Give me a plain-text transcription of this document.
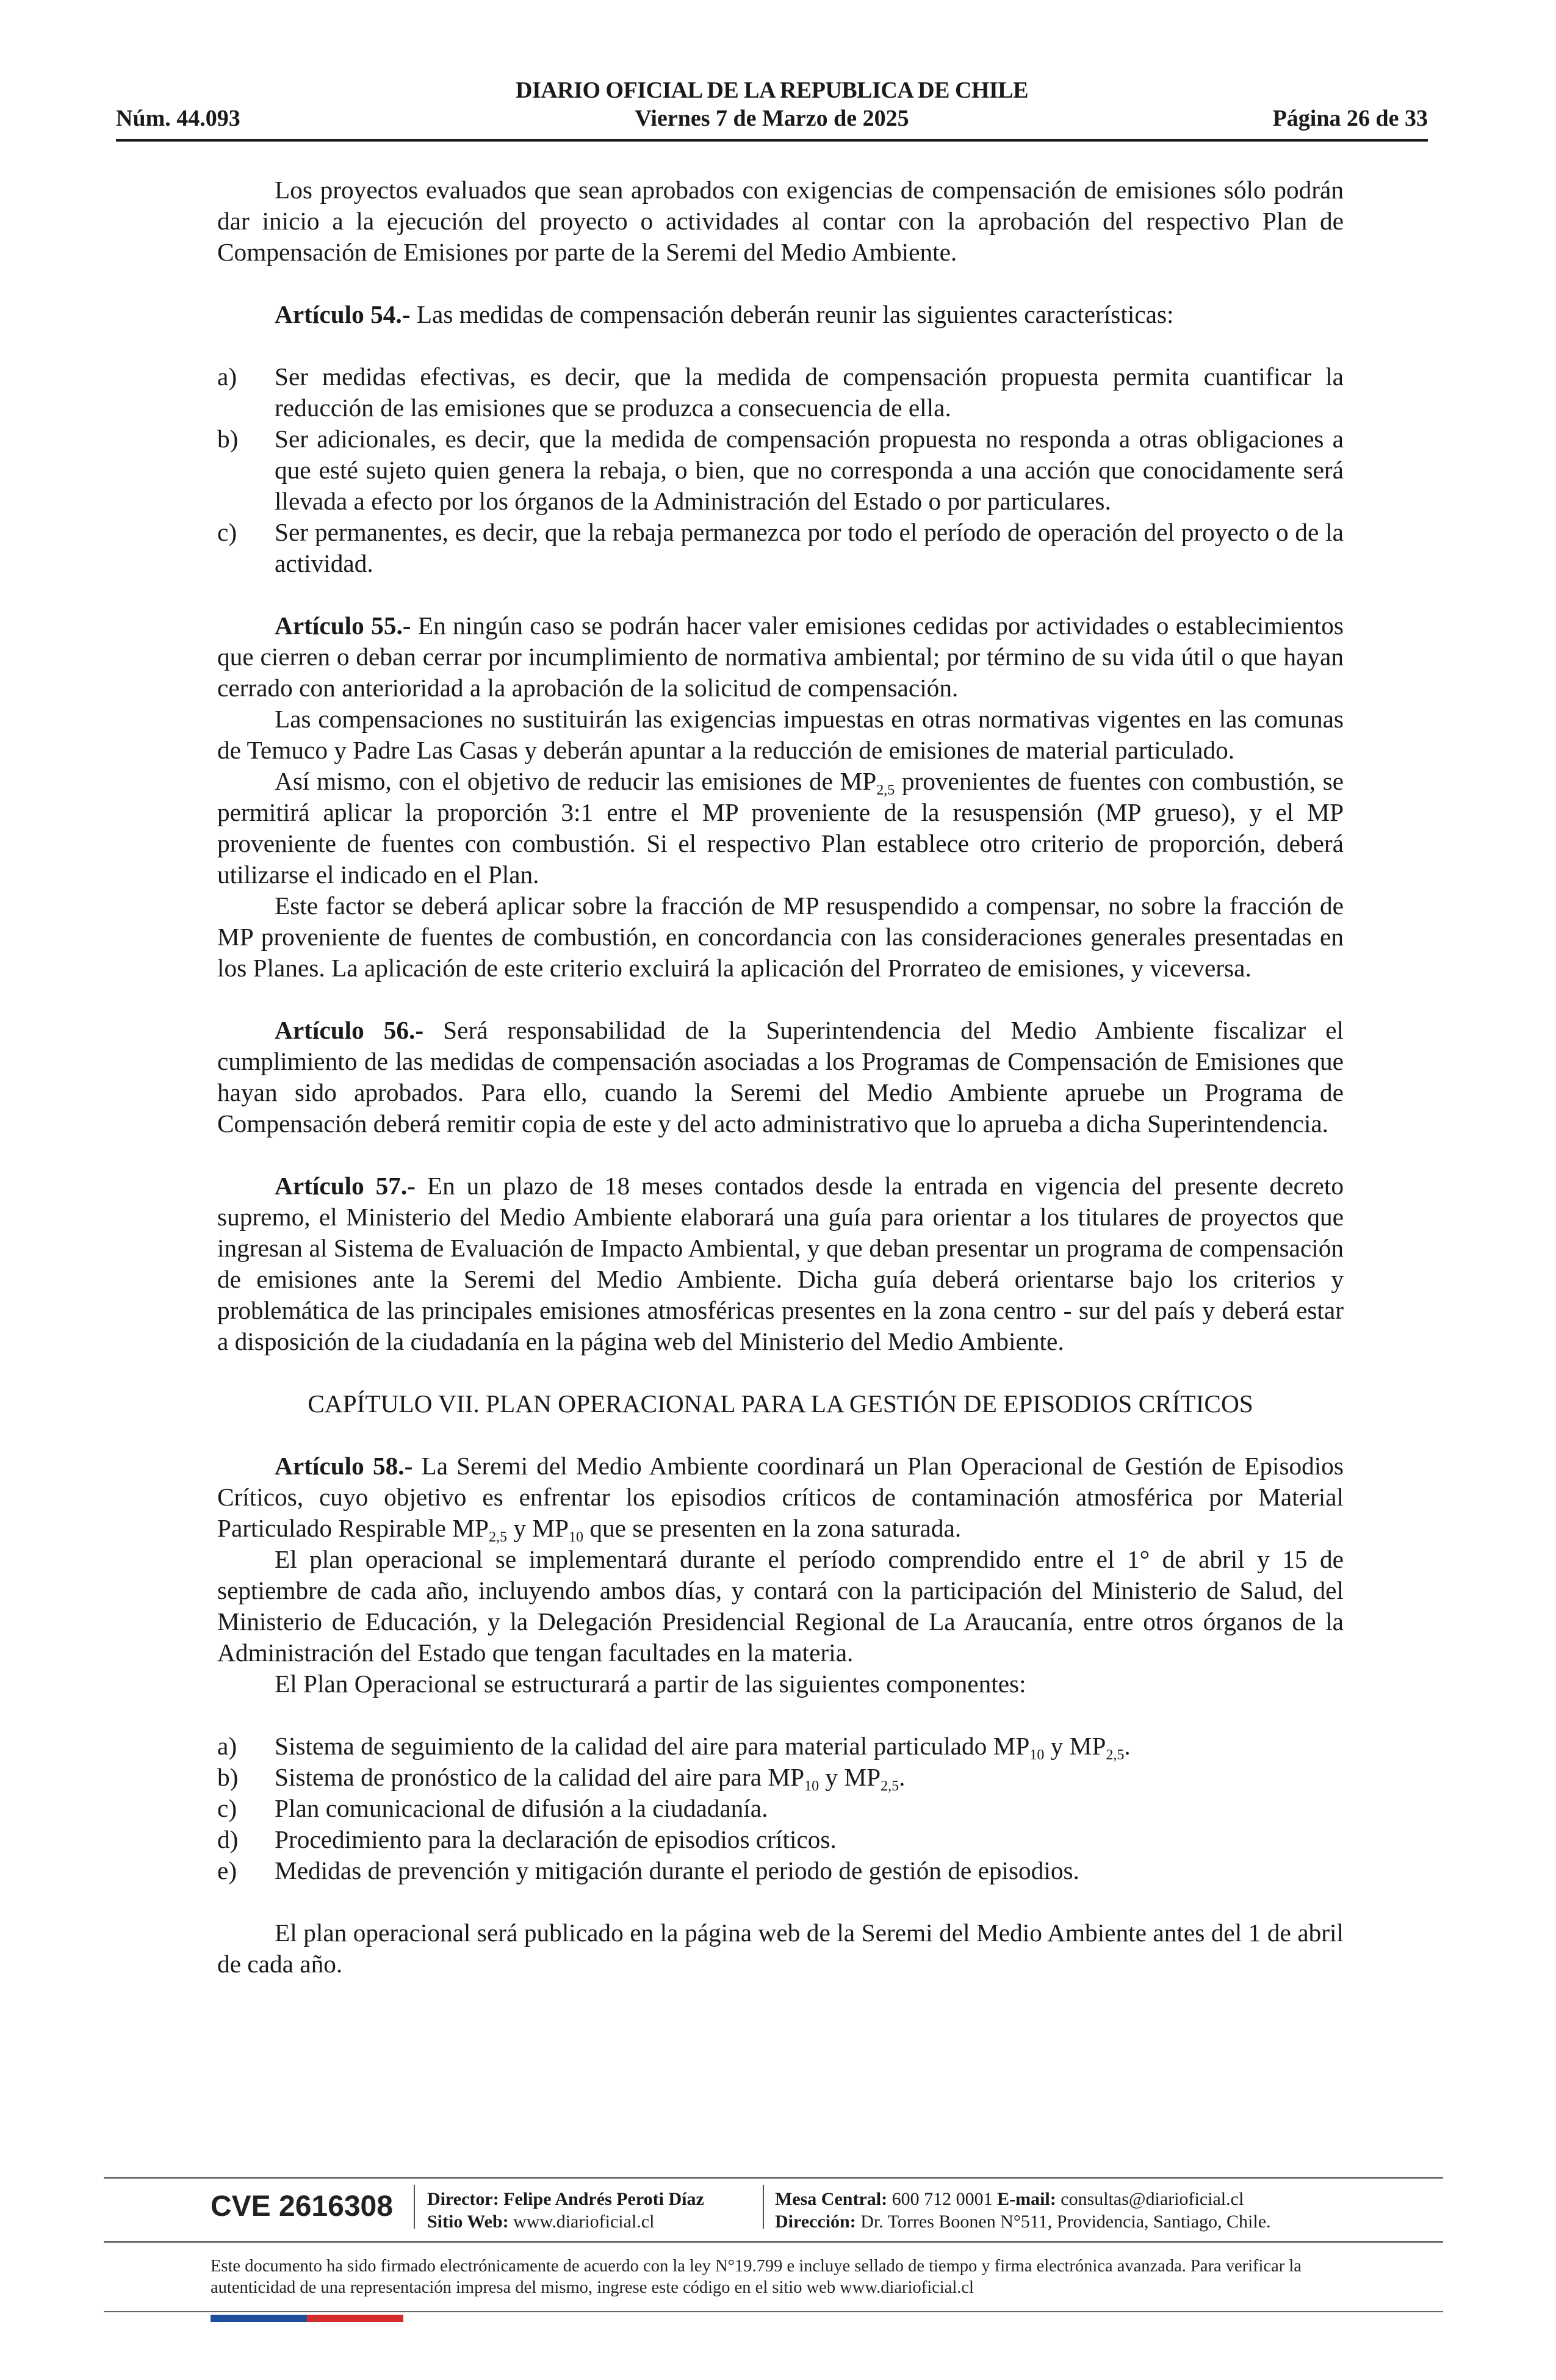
DIARIO OFICIAL DE LA REPUBLICA DE CHILE
Núm. 44.093	Viernes 7 de Marzo de 2025	Página 26 de 33

Los proyectos evaluados que sean aprobados con exigencias de compensación de emisiones sólo podrán dar inicio a la ejecución del proyecto o actividades al contar con la aprobación del respectivo Plan de Compensación de Emisiones por parte de la Seremi del Medio Ambiente.

Artículo 54.- Las medidas de compensación deberán reunir las siguientes características:

a)	Ser medidas efectivas, es decir, que la medida de compensación propuesta permita cuantificar la reducción de las emisiones que se produzca a consecuencia de ella.
b)	Ser adicionales, es decir, que la medida de compensación propuesta no responda a otras obligaciones a que esté sujeto quien genera la rebaja, o bien, que no corresponda a una acción que conocidamente será llevada a efecto por los órganos de la Administración del Estado o por particulares.
c)	Ser permanentes, es decir, que la rebaja permanezca por todo el período de operación del proyecto o de la actividad.

Artículo 55.- En ningún caso se podrán hacer valer emisiones cedidas por actividades o establecimientos que cierren o deban cerrar por incumplimiento de normativa ambiental; por término de su vida útil o que hayan cerrado con anterioridad a la aprobación de la solicitud de compensación.

Las compensaciones no sustituirán las exigencias impuestas en otras normativas vigentes en las comunas de Temuco y Padre Las Casas y deberán apuntar a la reducción de emisiones de material particulado.

Así mismo, con el objetivo de reducir las emisiones de $MP_{2,5}$ provenientes de fuentes con combustión, se permitirá aplicar la proporción 3:1 entre el MP proveniente de la resuspensión (MP grueso), y el MP proveniente de fuentes con combustión. Si el respectivo Plan establece otro criterio de proporción, deberá utilizarse el indicado en el Plan.

Este factor se deberá aplicar sobre la fracción de MP resuspendido a compensar, no sobre la fracción de MP proveniente de fuentes de combustión, en concordancia con las consideraciones generales presentadas en los Planes. La aplicación de este criterio excluirá la aplicación del Prorrateo de emisiones, y viceversa.

Artículo 56.- Será responsabilidad de la Superintendencia del Medio Ambiente fiscalizar el cumplimiento de las medidas de compensación asociadas a los Programas de Compensación de Emisiones que hayan sido aprobados. Para ello, cuando la Seremi del Medio Ambiente apruebe un Programa de Compensación deberá remitir copia de este y del acto administrativo que lo aprueba a dicha Superintendencia.

Artículo 57.- En un plazo de 18 meses contados desde la entrada en vigencia del presente decreto supremo, el Ministerio del Medio Ambiente elaborará una guía para orientar a los titulares de proyectos que ingresan al Sistema de Evaluación de Impacto Ambiental, y que deban presentar un programa de compensación de emisiones ante la Seremi del Medio Ambiente. Dicha guía deberá orientarse bajo los criterios y problemática de las principales emisiones atmosféricas presentes en la zona centro - sur del país y deberá estar a disposición de la ciudadanía en la página web del Ministerio del Medio Ambiente.

CAPÍTULO VII. PLAN OPERACIONAL PARA LA GESTIÓN DE EPISODIOS CRÍTICOS

Artículo 58.- La Seremi del Medio Ambiente coordinará un Plan Operacional de Gestión de Episodios Críticos, cuyo objetivo es enfrentar los episodios críticos de contaminación atmosférica por Material Particulado Respirable $MP_{2,5}$ y $MP_{10}$ que se presenten en la zona saturada.

El plan operacional se implementará durante el período comprendido entre el 1° de abril y 15 de septiembre de cada año, incluyendo ambos días, y contará con la participación del Ministerio de Salud, del Ministerio de Educación, y la Delegación Presidencial Regional de La Araucanía, entre otros órganos de la Administración del Estado que tengan facultades en la materia.

El Plan Operacional se estructurará a partir de las siguientes componentes:

a)	Sistema de seguimiento de la calidad del aire para material particulado $MP_{10}$ y $MP_{2,5}$.
b)	Sistema de pronóstico de la calidad del aire para $MP_{10}$ y $MP_{2,5}$.
c)	Plan comunicacional de difusión a la ciudadanía.
d)	Procedimiento para la declaración de episodios críticos.
e)	Medidas de prevención y mitigación durante el periodo de gestión de episodios.

El plan operacional será publicado en la página web de la Seremi del Medio Ambiente antes del 1 de abril de cada año.

CVE 2616308 Director: Felipe Andrés Peroti Díaz
Sitio Web: www.diarioficial.cl
Mesa Central: 600 712 0001 E-mail: consultas@diarioficial.cl
Dirección: Dr. Torres Boonen N°511, Providencia, Santiago, Chile.
Este documento ha sido firmado electrónicamente de acuerdo con la ley N°19.799 e incluye sellado de tiempo y firma electrónica avanzada. Para verificar la autenticidad de una representación impresa del mismo, ingrese este código en el sitio web www.diarioficial.cl
